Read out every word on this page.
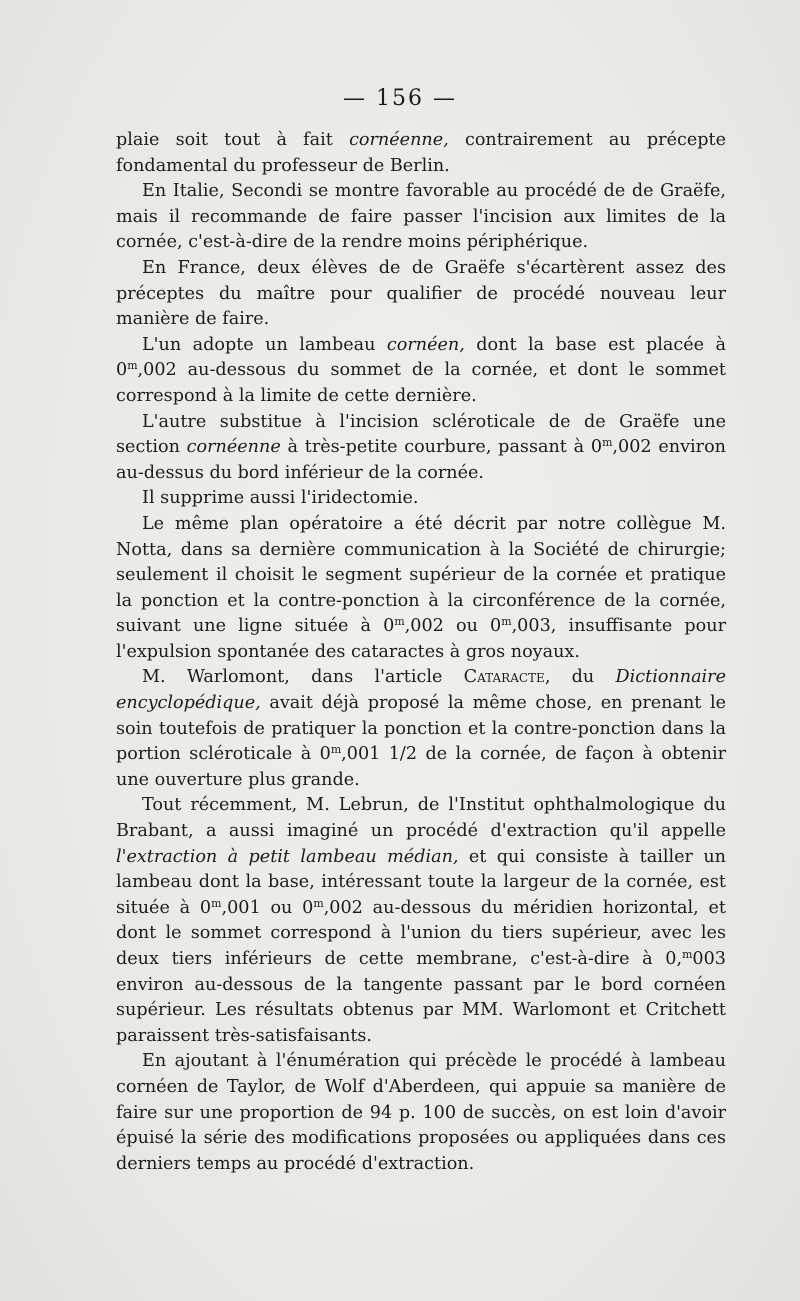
— 156 —

plaie soit tout à fait cornéenne, contrairement au précepte fondamental du professeur de Berlin.

En Italie, Secondi se montre favorable au procédé de de Graëfe, mais il recommande de faire passer l'incision aux limites de la cornée, c'est-à-dire de la rendre moins périphérique.

En France, deux élèves de de Graëfe s'écartèrent assez des préceptes du maître pour qualifier de procédé nouveau leur manière de faire.

L'un adopte un lambeau cornéen, dont la base est placée à 0$^m$,002 au-dessous du sommet de la cornée, et dont le sommet correspond à la limite de cette dernière.

L'autre substitue à l'incision scléroticale de de Graëfe une section cornéenne à très-petite courbure, passant à 0$^m$,002 environ au-dessus du bord inférieur de la cornée.

Il supprime aussi l'iridectomie.

Le même plan opératoire a été décrit par notre collègue M. Notta, dans sa dernière communication à la Société de chirurgie; seulement il choisit le segment supérieur de la cornée et pratique la ponction et la contre-ponction à la circonférence de la cornée, suivant une ligne située à 0$^m$,002 ou 0$^m$,003, insuffisante pour l'expulsion spontanée des cataractes à gros noyaux.

M. Warlomont, dans l'article Cataracte, du Dictionnaire encyclopédique, avait déjà proposé la même chose, en prenant le soin toutefois de pratiquer la ponction et la contre-ponction dans la portion scléroticale à 0$^m$,001 1/2 de la cornée, de façon à obtenir une ouverture plus grande.

Tout récemment, M. Lebrun, de l'Institut ophthalmologique du Brabant, a aussi imaginé un procédé d'extraction qu'il appelle l'extraction à petit lambeau médian, et qui consiste à tailler un lambeau dont la base, intéressant toute la largeur de la cornée, est située à 0$^m$,001 ou 0$^m$,002 au-dessous du méridien horizontal, et dont le sommet correspond à l'union du tiers supérieur, avec les deux tiers inférieurs de cette membrane, c'est-à-dire à 0,$^m$003 environ au-dessous de la tangente passant par le bord cornéen supérieur. Les résultats obtenus par MM. Warlomont et Critchett paraissent très-satisfaisants.

En ajoutant à l'énumération qui précède le procédé à lambeau cornéen de Taylor, de Wolf d'Aberdeen, qui appuie sa manière de faire sur une proportion de 94 p. 100 de succès, on est loin d'avoir épuisé la série des modifications proposées ou appliquées dans ces derniers temps au procédé d'extraction.
